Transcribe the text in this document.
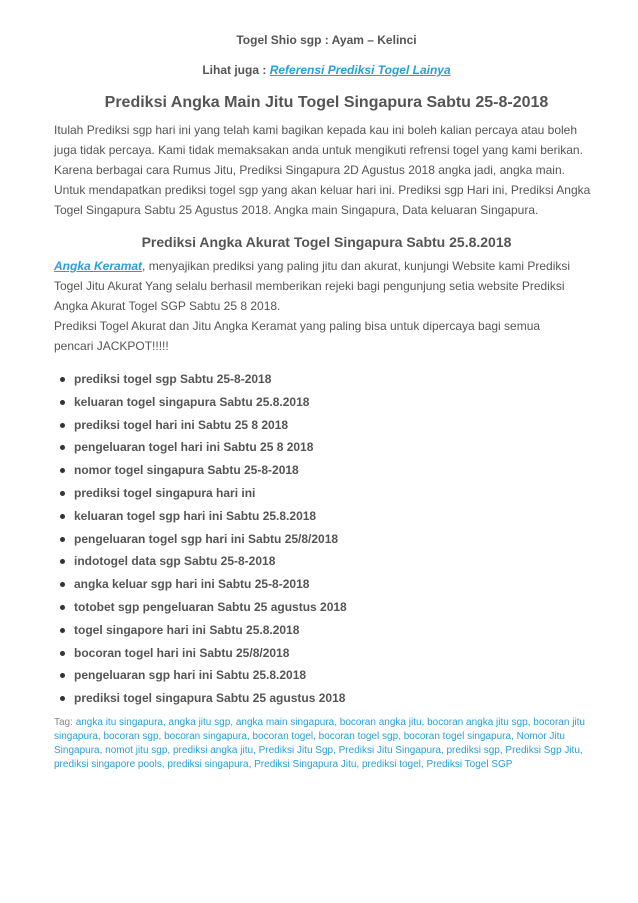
Togel Shio sgp : Ayam – Kelinci

Lihat juga : Referensi Prediksi Togel Lainya

Prediksi Angka Main Jitu Togel Singapura Sabtu 25-8-2018

Itulah Prediksi sgp hari ini yang telah kami bagikan kepada kau ini boleh kalian percaya atau boleh juga tidak percaya. Kami tidak memaksakan anda untuk mengikuti refrensi togel yang kami berikan. Karena berbagai cara Rumus Jitu, Prediksi Singapura 2D Agustus 2018 angka jadi, angka main. Untuk mendapatkan prediksi togel sgp yang akan keluar hari ini. Prediksi sgp Hari ini, Prediksi Angka Togel Singapura Sabtu 25 Agustus 2018. Angka main Singapura, Data keluaran Singapura.

Prediksi Angka Akurat Togel Singapura Sabtu 25.8.2018

Angka Keramat, menyajikan prediksi yang paling jitu dan akurat, kunjungi Website kami Prediksi Togel Jitu Akurat Yang selalu berhasil memberikan rejeki bagi pengunjung setia website Prediksi Angka Akurat Togel SGP Sabtu 25 8 2018.
Prediksi Togel Akurat dan Jitu Angka Keramat yang paling bisa untuk dipercaya bagi semua
pencari JACKPOT!!!!!

prediksi togel sgp Sabtu 25-8-2018
keluaran togel singapura Sabtu 25.8.2018
prediksi togel hari ini Sabtu 25 8 2018
pengeluaran togel hari ini Sabtu 25 8 2018
nomor togel singapura Sabtu 25-8-2018
prediksi togel singapura hari ini
keluaran togel sgp hari ini Sabtu 25.8.2018
pengeluaran togel sgp hari ini Sabtu 25/8/2018
indotogel data sgp Sabtu 25-8-2018
angka keluar sgp hari ini Sabtu 25-8-2018
totobet sgp pengeluaran Sabtu 25 agustus 2018
togel singapore hari ini Sabtu 25.8.2018
bocoran togel hari ini Sabtu 25/8/2018
pengeluaran sgp hari ini Sabtu 25.8.2018
prediksi togel singapura Sabtu 25 agustus 2018
Tag: angka itu singapura, angka jitu sgp, angka main singapura, bocoran angka jitu, bocoran angka jitu sgp, bocoran jitu singapura, bocoran sgp, bocoran singapura, bocoran togel, bocoran togel sgp, bocoran togel singapura, Nomor Jitu Singapura, nomot jitu sgp, prediksi angka jitu, Prediksi Jitu Sgp, Prediksi Jitu Singapura, prediksi sgp, Prediksi Sgp Jitu, prediksi singapore pools, prediksi singapura, Prediksi Singapura Jitu, prediksi togel, Prediksi Togel SGP
